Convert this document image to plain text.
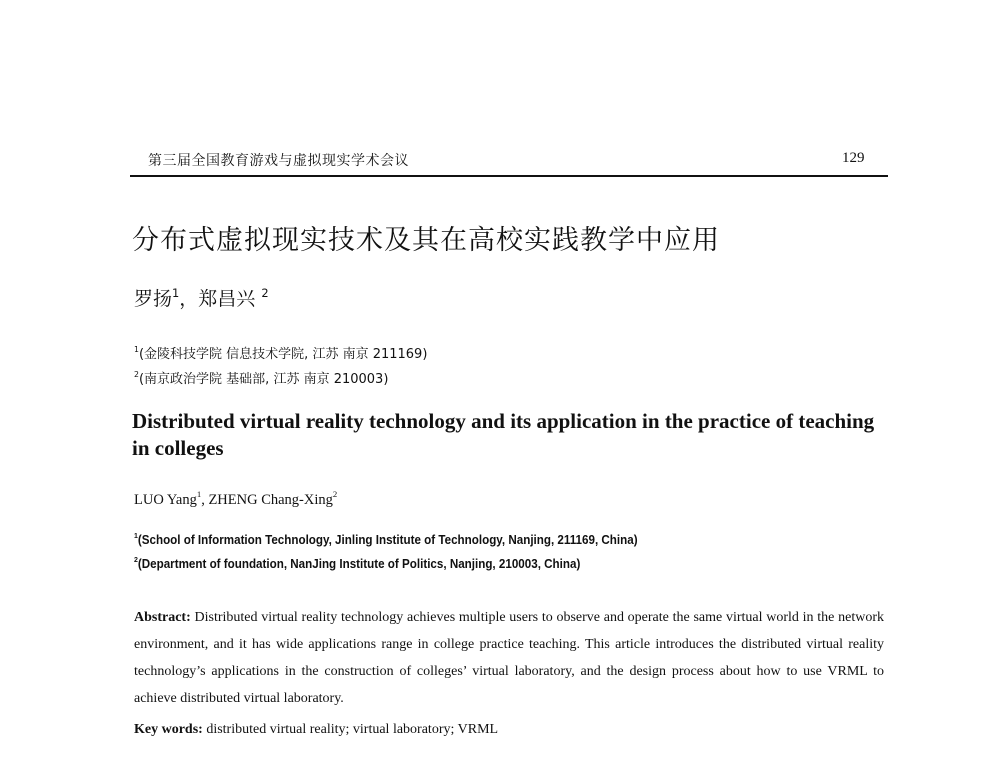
第三届全国教育游戏与虚拟现实学术会议	129
分布式虚拟现实技术及其在高校实践教学中应用
罗扬$^1$，郑昌兴 $^2$
$^1$(金陵科技学院 信息技术学院, 江苏 南京 211169)
$^2$(南京政治学院 基础部, 江苏 南京 210003)
Distributed virtual reality technology and its application in the practice of teaching in colleges
LUO Yang$^1$, ZHENG Chang-Xing$^2$
$^1$(School of Information Technology, Jinling Institute of Technology, Nanjing, 211169, China)
$^2$(Department of foundation, NanJing Institute of Politics, Nanjing, 210003, China)
Abstract: Distributed virtual reality technology achieves multiple users to observe and operate the same virtual world in the network environment, and it has wide applications range in college practice teaching. This article introduces the distributed virtual reality technology’s applications in the construction of colleges’ virtual laboratory, and the design process about how to use VRML to achieve distributed virtual laboratory.
Key words: distributed virtual reality; virtual laboratory; VRML
